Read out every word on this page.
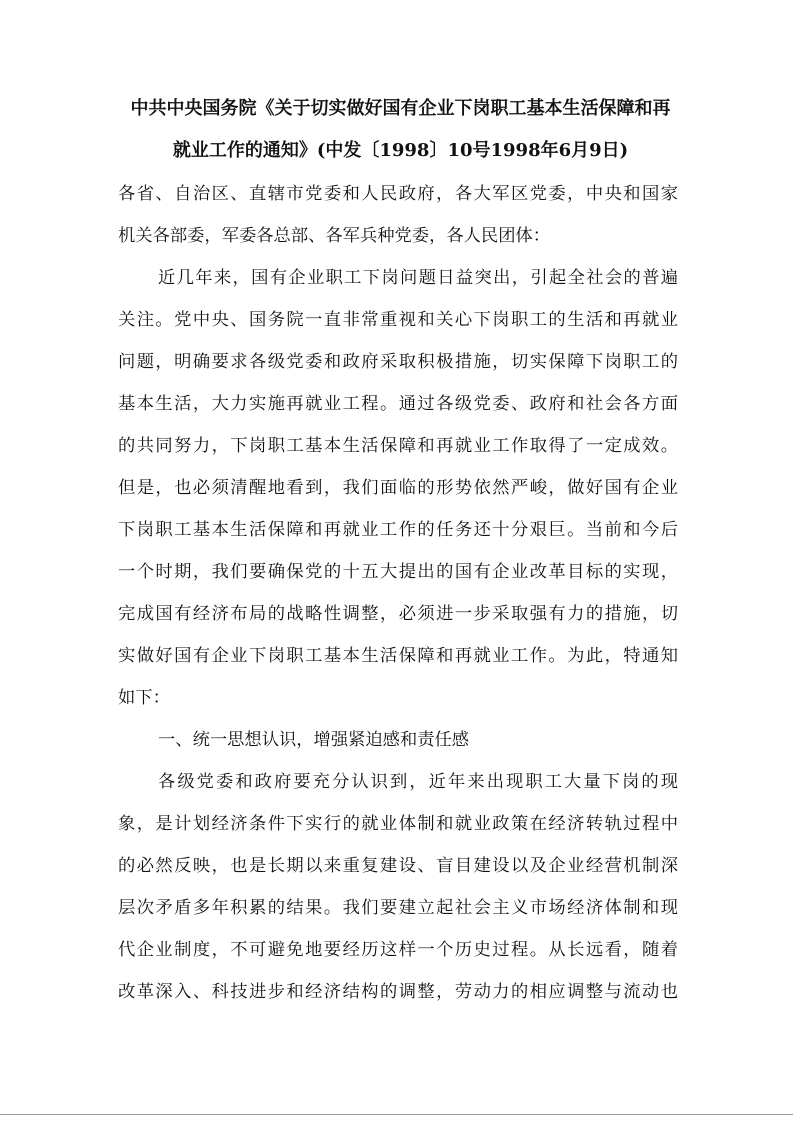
中共中央国务院《关于切实做好国有企业下岗职工基本生活保障和再
就业工作的通知》(中发〔1998〕10号1998年6月9日)
各省、自治区、直辖市党委和人民政府，各大军区党委，中央和国家
机关各部委，军委各总部、各军兵种党委，各人民团体：
近几年来，国有企业职工下岗问题日益突出，引起全社会的普遍
关注。党中央、国务院一直非常重视和关心下岗职工的生活和再就业
问题，明确要求各级党委和政府采取积极措施，切实保障下岗职工的
基本生活，大力实施再就业工程。通过各级党委、政府和社会各方面
的共同努力，下岗职工基本生活保障和再就业工作取得了一定成效。
但是，也必须清醒地看到，我们面临的形势依然严峻，做好国有企业
下岗职工基本生活保障和再就业工作的任务还十分艰巨。当前和今后
一个时期，我们要确保党的十五大提出的国有企业改革目标的实现，
完成国有经济布局的战略性调整，必须进一步采取强有力的措施，切
实做好国有企业下岗职工基本生活保障和再就业工作。为此，特通知
如下：
一、统一思想认识，增强紧迫感和责任感
各级党委和政府要充分认识到，近年来出现职工大量下岗的现
象，是计划经济条件下实行的就业体制和就业政策在经济转轨过程中
的必然反映，也是长期以来重复建设、盲目建设以及企业经营机制深
层次矛盾多年积累的结果。我们要建立起社会主义市场经济体制和现
代企业制度，不可避免地要经历这样一个历史过程。从长远看，随着
改革深入、科技进步和经济结构的调整，劳动力的相应调整与流动也
